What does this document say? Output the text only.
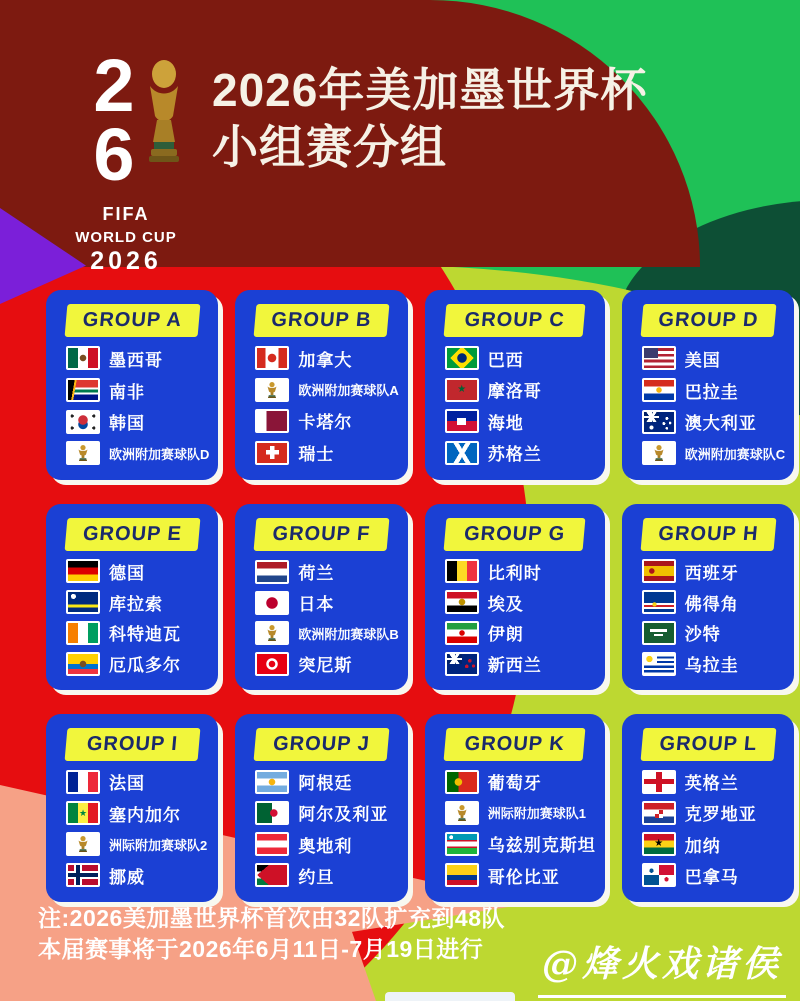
2
6
FIFA
WORLD CUP
2026
2026年美加墨世界杯
小组赛分组
GROUP A
墨西哥
南非
韩国
欧洲附加赛球队D
GROUP B
加拿大
欧洲附加赛球队A
卡塔尔
瑞士
GROUP C
巴西
★	摩洛哥
海地
苏格兰
GROUP D
美国
巴拉圭
澳大利亚
欧洲附加赛球队C
GROUP E
德国
库拉索
科特迪瓦
厄瓜多尔
GROUP F
荷兰
日本
欧洲附加赛球队B
突尼斯
GROUP G
比利时
埃及
伊朗
新西兰
GROUP H
西班牙
佛得角
沙特
乌拉圭
GROUP I
法国
★	塞内加尔
洲际附加赛球队2
挪威
GROUP J
阿根廷
阿尔及利亚
奥地利
约旦
GROUP K
葡萄牙
洲际附加赛球队1
乌兹别克斯坦
哥伦比亚
GROUP L
英格兰
克罗地亚
★	加纳
巴拿马
注:2026美加墨世界杯首次由32队扩充到48队
本届赛事将于2026年6月11日-7月19日进行	@烽火戏诸侯
